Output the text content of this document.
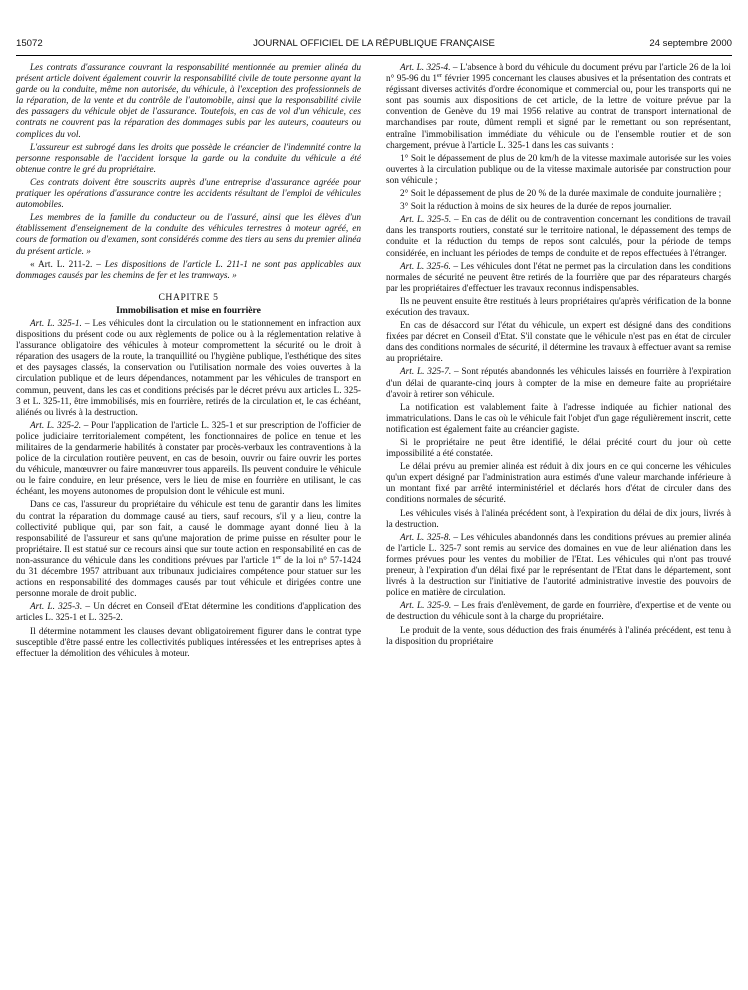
15072	JOURNAL OFFICIEL DE LA RÉPUBLIQUE FRANÇAISE	24 septembre 2000

Les contrats d'assurance couvrant la responsabilité mentionnée au premier alinéa du présent article doivent également couvrir la responsabilité civile de toute personne ayant la garde ou la conduite, même non autorisée, du véhicule, à l'exception des professionnels de la réparation, de la vente et du contrôle de l'automobile, ainsi que la responsabilité civile des passagers du véhicule objet de l'assurance. Toutefois, en cas de vol d'un véhicule, ces contrats ne couvrent pas la réparation des dommages subis par les auteurs, coauteurs ou complices du vol.

L'assureur est subrogé dans les droits que possède le créancier de l'indemnité contre la personne responsable de l'accident lorsque la garde ou la conduite du véhicule a été obtenue contre le gré du propriétaire.

Ces contrats doivent être souscrits auprès d'une entreprise d'assurance agréée pour pratiquer les opérations d'assurance contre les accidents résultant de l'emploi de véhicules automobiles.

Les membres de la famille du conducteur ou de l'assuré, ainsi que les élèves d'un établissement d'enseignement de la conduite des véhicules terrestres à moteur agréé, en cours de formation ou d'examen, sont considérés comme des tiers au sens du premier alinéa du présent article. »

« Art. L. 211-2. – Les dispositions de l'article L. 211-1 ne sont pas applicables aux dommages causés par les chemins de fer et les tramways. »

CHAPITRE 5

Immobilisation et mise en fourrière

Art. L. 325-1. – Les véhicules dont la circulation ou le stationnement en infraction aux dispositions du présent code ou aux règlements de police ou à la réglementation relative à l'assurance obligatoire des véhicules à moteur compromettent la sécurité ou le droit à réparation des usagers de la route, la tranquillité ou l'hygiène publique, l'esthétique des sites et des paysages classés, la conservation ou l'utilisation normale des voies ouvertes à la circulation publique et de leurs dépendances, notamment par les véhicules de transport en commun, peuvent, dans les cas et conditions précisés par le décret prévu aux articles L. 325-3 et L. 325-11, être immobilisés, mis en fourrière, retirés de la circulation et, le cas échéant, aliénés ou livrés à la destruction.

Art. L. 325-2. – Pour l'application de l'article L. 325-1 et sur prescription de l'officier de police judiciaire territorialement compétent, les fonctionnaires de police en tenue et les militaires de la gendarmerie habilités à constater par procès-verbaux les contraventions à la police de la circulation routière peuvent, en cas de besoin, ouvrir ou faire ouvrir les portes du véhicule, manœuvrer ou faire manœuvrer tous appareils. Ils peuvent conduire le véhicule ou le faire conduire, en leur présence, vers le lieu de mise en fourrière en utilisant, le cas échéant, les moyens autonomes de propulsion dont le véhicule est muni.

Dans ce cas, l'assureur du propriétaire du véhicule est tenu de garantir dans les limites du contrat la réparation du dommage causé au tiers, sauf recours, s'il y a lieu, contre la collectivité publique qui, par son fait, a causé le dommage ayant donné lieu à la responsabilité de l'assureur et sans qu'une majoration de prime puisse en résulter pour le propriétaire. Il est statué sur ce recours ainsi que sur toute action en responsabilité en cas de non-assurance du véhicule dans les conditions prévues par l'article 1er de la loi n° 57-1424 du 31 décembre 1957 attribuant aux tribunaux judiciaires compétence pour statuer sur les actions en responsabilité des dommages causés par tout véhicule et dirigées contre une personne morale de droit public.

Art. L. 325-3. – Un décret en Conseil d'Etat détermine les conditions d'application des articles L. 325-1 et L. 325-2.

Il détermine notamment les clauses devant obligatoirement figurer dans le contrat type susceptible d'être passé entre les collectivités publiques intéressées et les entreprises aptes à effectuer la démolition des véhicules à moteur.

Art. L. 325-4. – L'absence à bord du véhicule du document prévu par l'article 26 de la loi n° 95-96 du 1er février 1995 concernant les clauses abusives et la présentation des contrats et régissant diverses activités d'ordre économique et commercial ou, pour les transports qui ne sont pas soumis aux dispositions de cet article, de la lettre de voiture prévue par la convention de Genève du 19 mai 1956 relative au contrat de transport international de marchandises par route, dûment rempli et signé par le remettant ou son représentant, entraîne l'immobilisation immédiate du véhicule ou de l'ensemble routier et de son chargement, prévue à l'article L. 325-1 dans les cas suivants :

1° Soit le dépassement de plus de 20 km/h de la vitesse maximale autorisée sur les voies ouvertes à la circulation publique ou de la vitesse maximale autorisée par construction pour son véhicule ;

2° Soit le dépassement de plus de 20 % de la durée maximale de conduite journalière ;

3° Soit la réduction à moins de six heures de la durée de repos journalier.

Art. L. 325-5. – En cas de délit ou de contravention concernant les conditions de travail dans les transports routiers, constaté sur le territoire national, le dépassement des temps de conduite et la réduction du temps de repos sont calculés, pour la période de temps considérée, en incluant les périodes de temps de conduite et de repos effectuées à l'étranger.

Art. L. 325-6. – Les véhicules dont l'état ne permet pas la circulation dans les conditions normales de sécurité ne peuvent être retirés de la fourrière que par des réparateurs chargés par les propriétaires d'effectuer les travaux reconnus indispensables.

Ils ne peuvent ensuite être restitués à leurs propriétaires qu'après vérification de la bonne exécution des travaux.

En cas de désaccord sur l'état du véhicule, un expert est désigné dans des conditions fixées par décret en Conseil d'Etat. S'il constate que le véhicule n'est pas en état de circuler dans des conditions normales de sécurité, il détermine les travaux à effectuer avant sa remise au propriétaire.

Art. L. 325-7. – Sont réputés abandonnés les véhicules laissés en fourrière à l'expiration d'un délai de quarante-cinq jours à compter de la mise en demeure faite au propriétaire d'avoir à retirer son véhicule.

La notification est valablement faite à l'adresse indiquée au fichier national des immatriculations. Dans le cas où le véhicule fait l'objet d'un gage régulièrement inscrit, cette notification est également faite au créancier gagiste.

Si le propriétaire ne peut être identifié, le délai précité court du jour où cette impossibilité a été constatée.

Le délai prévu au premier alinéa est réduit à dix jours en ce qui concerne les véhicules qu'un expert désigné par l'administration aura estimés d'une valeur marchande inférieure à un montant fixé par arrêté interministériel et déclarés hors d'état de circuler dans des conditions normales de sécurité.

Les véhicules visés à l'alinéa précédent sont, à l'expiration du délai de dix jours, livrés à la destruction.

Art. L. 325-8. – Les véhicules abandonnés dans les conditions prévues au premier alinéa de l'article L. 325-7 sont remis au service des domaines en vue de leur aliénation dans les formes prévues pour les ventes du mobilier de l'Etat. Les véhicules qui n'ont pas trouvé preneur, à l'expiration d'un délai fixé par le représentant de l'Etat dans le département, sont livrés à la destruction sur l'initiative de l'autorité administrative investie des pouvoirs de police en matière de circulation.

Art. L. 325-9. – Les frais d'enlèvement, de garde en fourrière, d'expertise et de vente ou de destruction du véhicule sont à la charge du propriétaire.

Le produit de la vente, sous déduction des frais énumérés à l'alinéa précédent, est tenu à la disposition du propriétaire
